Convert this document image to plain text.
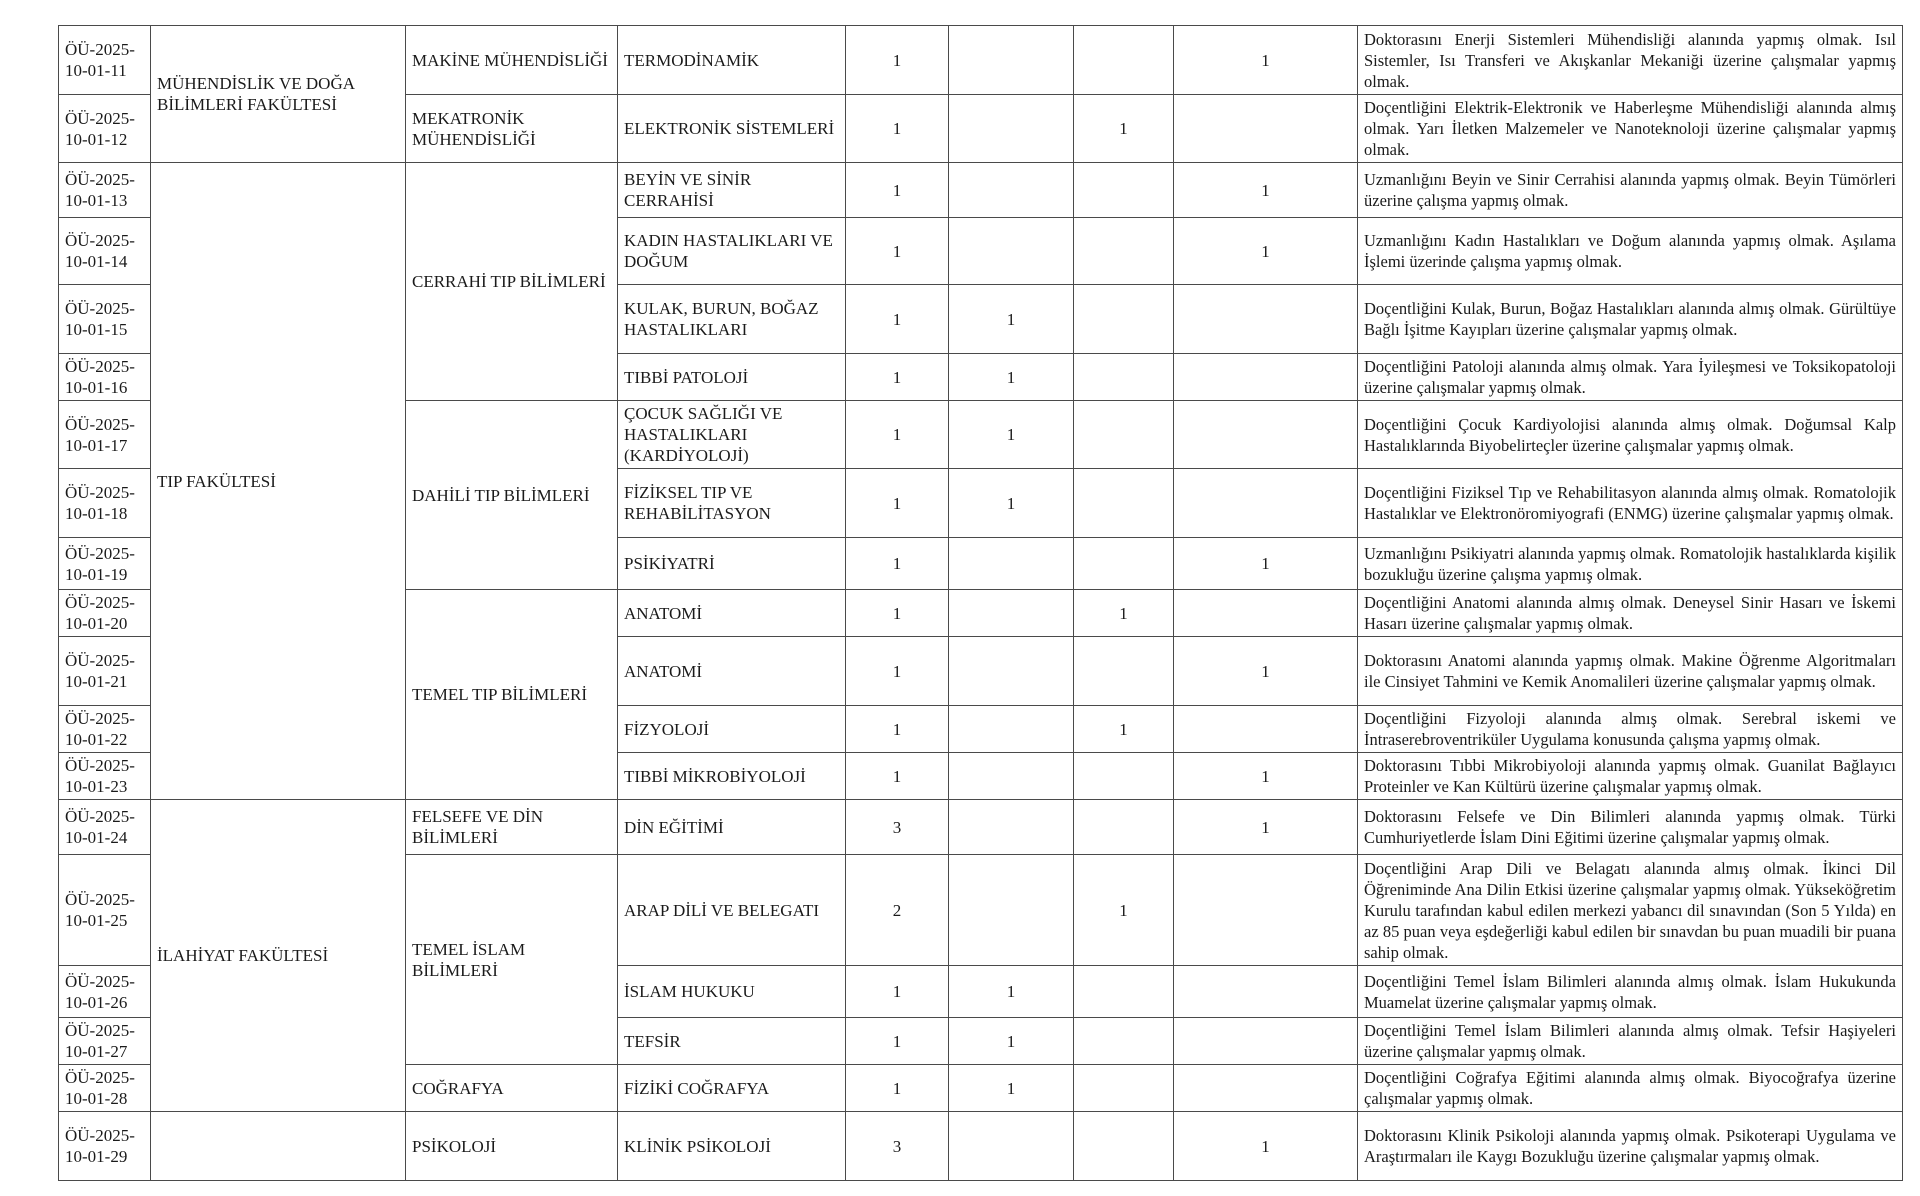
ÖÜ-2025-10-01-11	MÜHENDİSLİK VE DOĞA BİLİMLERİ FAKÜLTESİ	MAKİNE MÜHENDİSLİĞİ	TERMODİNAMİK	1			1	Doktorasını Enerji Sistemleri Mühendisliği alanında yapmış olmak. Isıl Sistemler, Isı Transferi ve Akışkanlar Mekaniği üzerine çalışmalar yapmış olmak.
ÖÜ-2025-10-01-12		MEKATRONİK MÜHENDİSLİĞİ	ELEKTRONİK SİSTEMLERİ	1		1		Doçentliğini Elektrik-Elektronik ve Haberleşme Mühendisliği alanında almış olmak. Yarı İletken Malzemeler ve Nanoteknoloji üzerine çalışmalar yapmış olmak.
ÖÜ-2025-10-01-13	TIP FAKÜLTESİ	CERRAHİ TIP BİLİMLERİ	BEYİN VE SİNİR CERRAHİSİ	1			1	Uzmanlığını Beyin ve Sinir Cerrahisi alanında yapmış olmak. Beyin Tümörleri üzerine çalışma yapmış olmak.
ÖÜ-2025-10-01-14			KADIN HASTALIKLARI VE DOĞUM	1			1	Uzmanlığını Kadın Hastalıkları ve Doğum alanında yapmış olmak. Aşılama İşlemi üzerinde çalışma yapmış olmak.
ÖÜ-2025-10-01-15			KULAK, BURUN, BOĞAZ HASTALIKLARI	1	1			Doçentliğini Kulak, Burun, Boğaz Hastalıkları alanında almış olmak. Gürültüye Bağlı İşitme Kayıpları üzerine çalışmalar yapmış olmak.
ÖÜ-2025-10-01-16			TIBBİ PATOLOJİ	1	1			Doçentliğini Patoloji alanında almış olmak. Yara İyileşmesi ve Toksikopatoloji üzerine çalışmalar yapmış olmak.
ÖÜ-2025-10-01-17		DAHİLİ TIP BİLİMLERİ	ÇOCUK SAĞLIĞI VE HASTALIKLARI (KARDİYOLOJİ)	1	1			Doçentliğini Çocuk Kardiyolojisi alanında almış olmak. Doğumsal Kalp Hastalıklarında Biyobelirteçler üzerine çalışmalar yapmış olmak.
ÖÜ-2025-10-01-18			FİZİKSEL TIP VE REHABİLİTASYON	1	1			Doçentliğini Fiziksel Tıp ve Rehabilitasyon alanında almış olmak. Romatolojik Hastalıklar ve Elektronöromiyografi (ENMG) üzerine çalışmalar yapmış olmak.
ÖÜ-2025-10-01-19			PSİKİYATRİ	1			1	Uzmanlığını Psikiyatri alanında yapmış olmak. Romatolojik hastalıklarda kişilik bozukluğu üzerine çalışma yapmış olmak.
ÖÜ-2025-10-01-20		TEMEL TIP BİLİMLERİ	ANATOMİ	1		1		Doçentliğini Anatomi alanında almış olmak. Deneysel Sinir Hasarı ve İskemi Hasarı üzerine çalışmalar yapmış olmak.
ÖÜ-2025-10-01-21			ANATOMİ	1			1	Doktorasını Anatomi alanında yapmış olmak. Makine Öğrenme Algoritmaları ile Cinsiyet Tahmini ve Kemik Anomalileri üzerine çalışmalar yapmış olmak.
ÖÜ-2025-10-01-22			FİZYOLOJİ	1		1		Doçentliğini Fizyoloji alanında almış olmak. Serebral iskemi ve İntraserebroventriküler Uygulama konusunda çalışma yapmış olmak.
ÖÜ-2025-10-01-23			TIBBİ MİKROBİYOLOJİ	1			1	Doktorasını Tıbbi Mikrobiyoloji alanında yapmış olmak. Guanilat Bağlayıcı Proteinler ve Kan Kültürü üzerine çalışmalar yapmış olmak.
ÖÜ-2025-10-01-24	İLAHİYAT FAKÜLTESİ	FELSEFE VE DİN BİLİMLERİ	DİN EĞİTİMİ	3			1	Doktorasını Felsefe ve Din Bilimleri alanında yapmış olmak. Türki Cumhuriyetlerde İslam Dini Eğitimi üzerine çalışmalar yapmış olmak.
ÖÜ-2025-10-01-25		TEMEL İSLAM BİLİMLERİ	ARAP DİLİ VE BELEGATI	2		1		Doçentliğini Arap Dili ve Belagatı alanında almış olmak. İkinci Dil Öğreniminde Ana Dilin Etkisi üzerine çalışmalar yapmış olmak. Yükseköğretim Kurulu tarafından kabul edilen merkezi yabancı dil sınavından (Son 5 Yılda) en az 85 puan veya eşdeğerliği kabul edilen bir sınavdan bu puan muadili bir puana sahip olmak.
ÖÜ-2025-10-01-26			İSLAM HUKUKU	1	1			Doçentliğini Temel İslam Bilimleri alanında almış olmak. İslam Hukukunda Muamelat üzerine çalışmalar yapmış olmak.
ÖÜ-2025-10-01-27			TEFSİR	1	1			Doçentliğini Temel İslam Bilimleri alanında almış olmak. Tefsir Haşiyeleri üzerine çalışmalar yapmış olmak.
ÖÜ-2025-10-01-28		COĞRAFYA	FİZİKİ COĞRAFYA	1	1			Doçentliğini Coğrafya Eğitimi alanında almış olmak. Biyocoğrafya üzerine çalışmalar yapmış olmak.
ÖÜ-2025-10-01-29		PSİKOLOJİ	KLİNİK PSİKOLOJİ	3			1	Doktorasını Klinik Psikoloji alanında yapmış olmak. Psikoterapi Uygulama ve Araştırmaları ile Kaygı Bozukluğu üzerine çalışmalar yapmış olmak.
